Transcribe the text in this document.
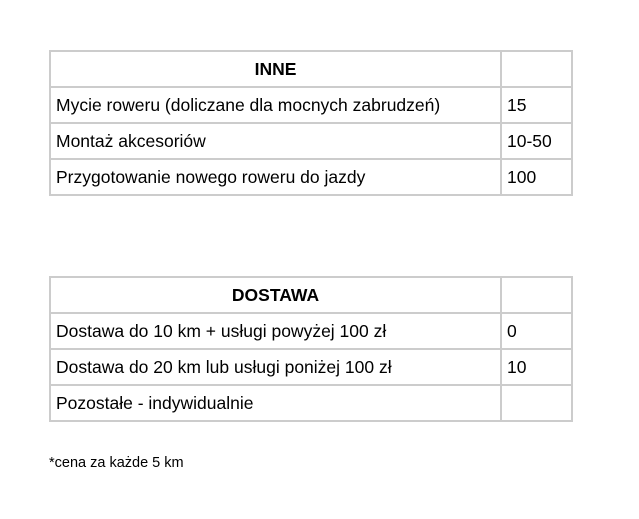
INNE	
Mycie roweru (doliczane dla mocnych zabrudzeń)	15
Montaż akcesoriów	10-50
Przygotowanie nowego roweru do jazdy	100
DOSTAWA	
Dostawa do 10 km + usługi powyżej 100 zł	0
Dostawa do 20 km lub usługi poniżej 100 zł	10
Pozostałe - indywidualnie	

*cena za każde 5 km
